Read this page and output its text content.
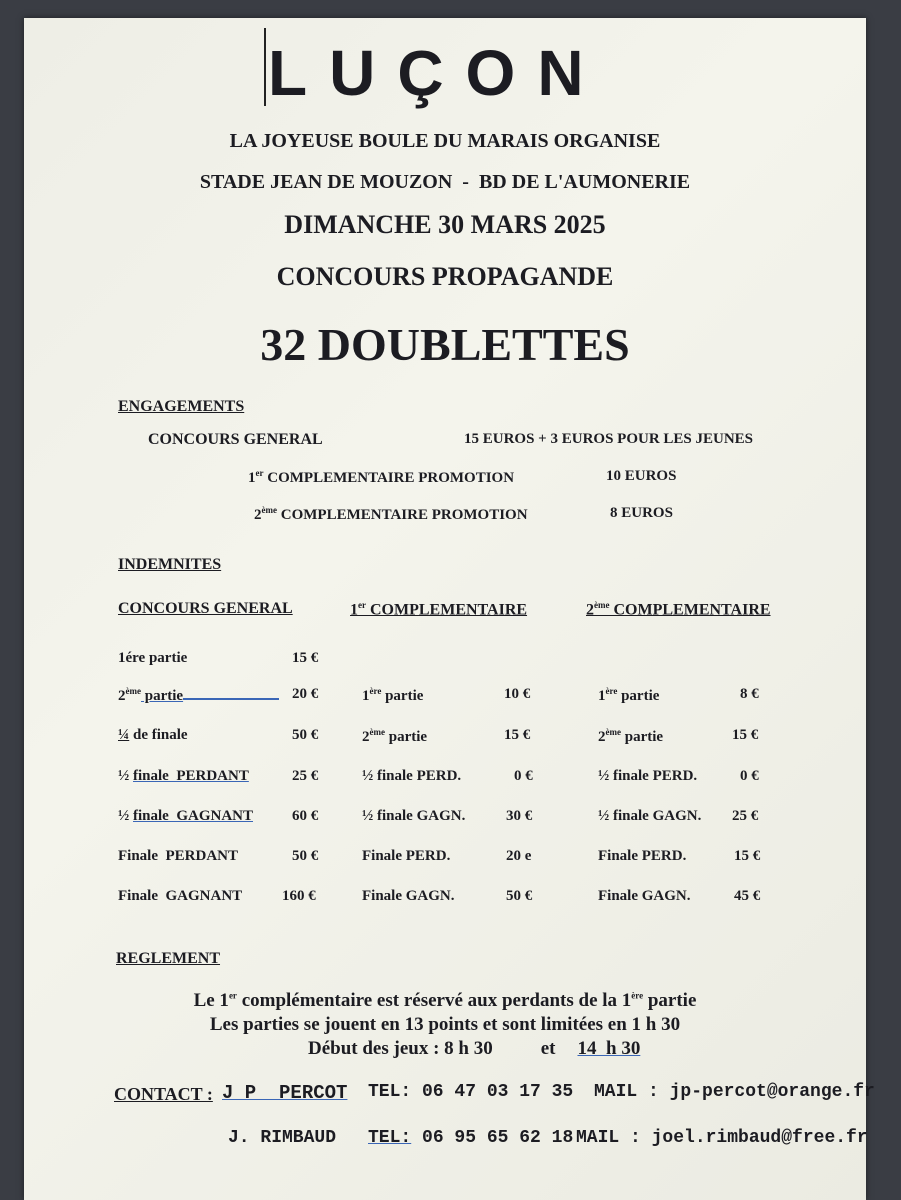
LUÇON
LA JOYEUSE BOULE DU MARAIS ORGANISE
STADE JEAN DE MOUZON  -  BD DE L'AUMONERIE
DIMANCHE 30 MARS 2025
CONCOURS PROPAGANDE
32 DOUBLETTES
ENGAGEMENTS
CONCOURS GENERAL	15 EUROS + 3 EUROS POUR LES JEUNES
1er COMPLEMENTAIRE PROMOTION	10 EUROS
2ème COMPLEMENTAIRE PROMOTION	8 EUROS
INDEMNITES
CONCOURS GENERAL	1er COMPLEMENTAIRE	2ème COMPLEMENTAIRE
1ére partie	15 €
2ème partie	20 €
¼ de finale	50 €
½ finale  PERDANT	25 €
½ finale  GAGNANT	60 €
Finale  PERDANT	50 €
Finale  GAGNANT	160 €
1ère partie	10 €
2ème partie	15 €
½ finale PERD.	0 €
½ finale GAGN.	30 €
Finale PERD.	20 e
Finale GAGN.	50 €
1ère partie	8 €
2ème partie	15 €
½ finale PERD.	0 €
½ finale GAGN. 25 €
Finale PERD.	15 €
Finale GAGN.	45 €
REGLEMENT
Le 1er complémentaire est réservé aux perdants de la 1ère partie
Les parties se jouent en 13 points et sont limitées en 1 h 30
Début des jeux : 8 h 30	et 14  h 30
CONTACT : J P  PERCOT TEL: 06 47 03 17 35 MAIL : jp-percot@orange.fr
J. RIMBAUD TEL: 06 95 65 62 18 MAIL : joel.rimbaud@free.fr
